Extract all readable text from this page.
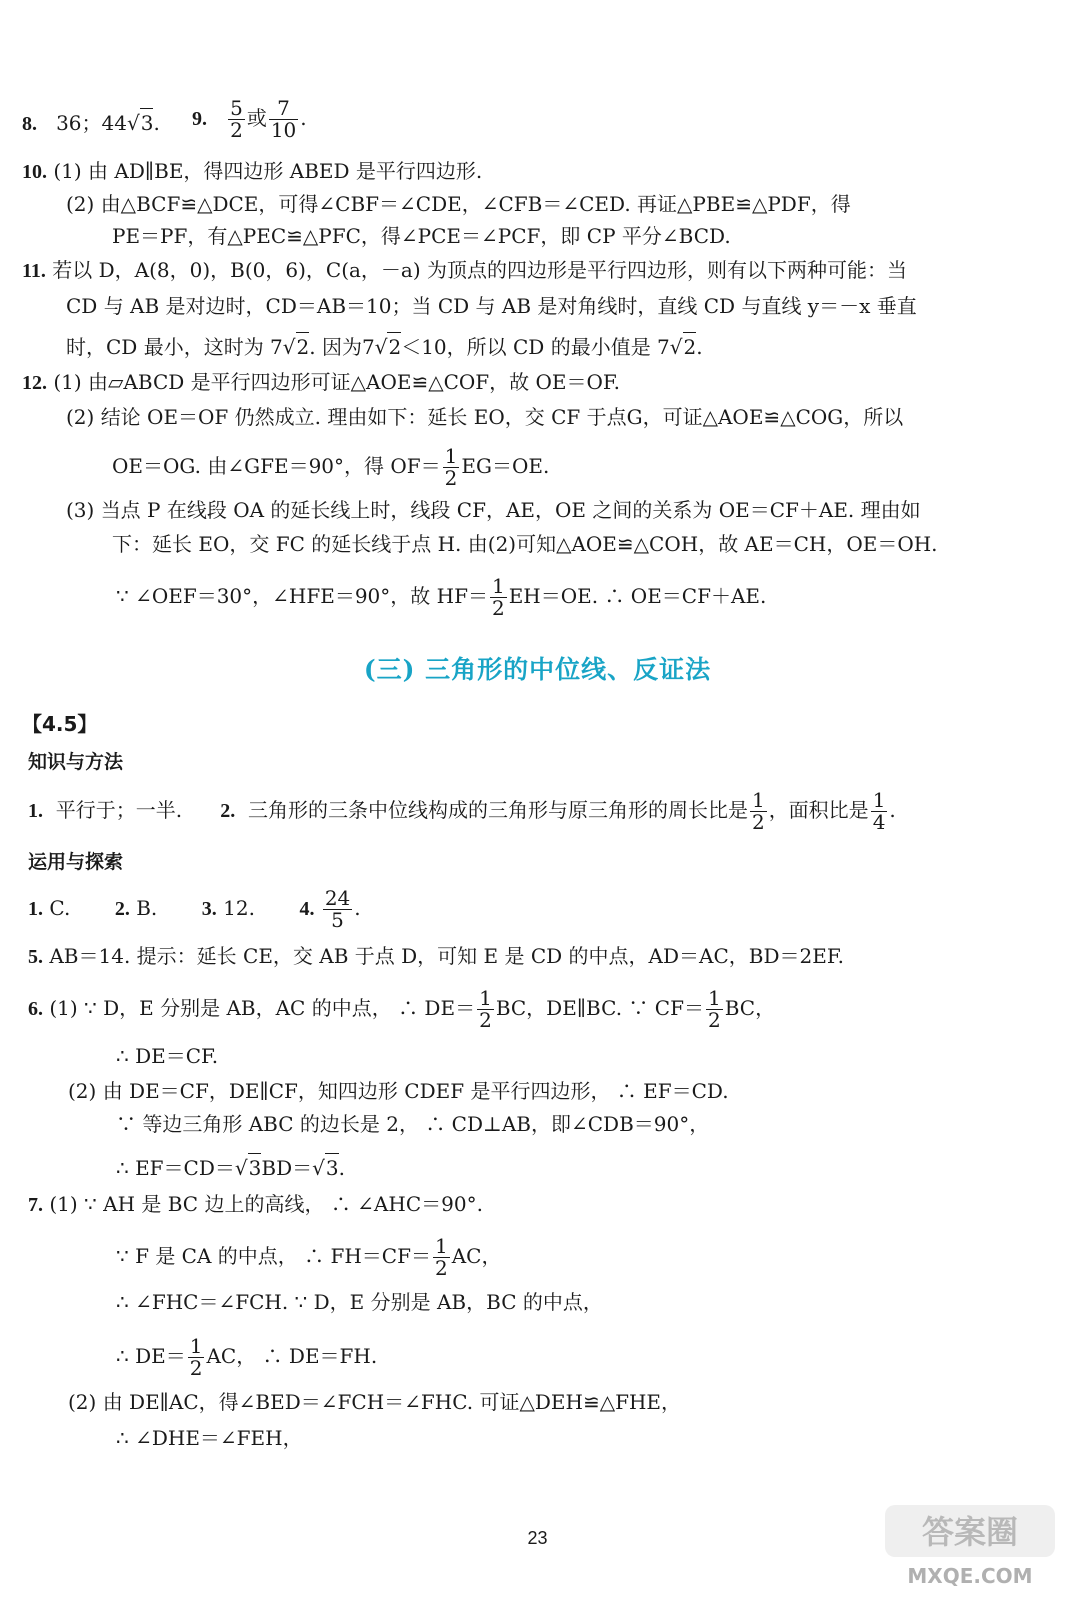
8. 36；44√3. 9. $\frac{5}{2}$ 或 $\frac{7}{10}$ .
10. (1) 由 AD∥BE，得四边形 ABED 是平行四边形.
(2) 由△BCF≌△DCE，可得∠CBF＝∠CDE，∠CFB＝∠CED. 再证△PBE≌△PDF，得
PE＝PF，有△PEC≌△PFC，得∠PCE＝∠PCF，即 CP 平分∠BCD.
11. 若以 D，A(8，0)，B(0，6)，C(a，－a) 为顶点的四边形是平行四边形，则有以下两种可能：当
CD 与 AB 是对边时，CD＝AB＝10；当 CD 与 AB 是对角线时，直线 CD 与直线 y＝－x 垂直
时，CD 最小，这时为 7√2. 因为7√2＜10，所以 CD 的最小值是 7√2.
12. (1) 由▱ABCD 是平行四边形可证△AOE≌△COF，故 OE＝OF.
(2) 结论 OE＝OF 仍然成立. 理由如下：延长 EO，交 CF 于点G，可证△AOE≌△COG，所以
OE＝OG. 由∠GFE＝90°，得 $OF= \frac{1}{2} EG=OE$.
(3) 当点 P 在线段 OA 的延长线上时，线段 CF，AE，OE 之间的关系为 OE＝CF＋AE. 理由如
下：延长 EO，交 FC 的延长线于点 H. 由(2)可知△AOE≌△COH，故 AE＝CH，OE＝OH.
∵ ∠OEF＝30°，∠HFE＝90°，故 $HF= \frac{1}{2} EH=OE$. ∴ OE＝CF＋AE.
(三) 三角形的中位线、反证法
【4.5】
知识与方法
1. 平行于；一半. 2. 三角形的三条中位线构成的三角形与原三角形的周长比是 $\frac{1}{2}$ ，面积比是 $\frac{1}{4}$ .
运用与探索
1. C. 2. B. 3. 12. 4. $\frac{24}{5}$ .
5. AB＝14. 提示：延长 CE，交 AB 于点 D，可知 E 是 CD 的中点，AD＝AC，BD＝2EF.
6. (1) ∵ D，E 分别是 AB，AC 的中点， ∴ $DE= \frac{1}{2}$ BC，DE∥BC. ∵ $CF= \frac{1}{2}$ BC，
∴ DE＝CF.
(2) 由 DE＝CF，DE∥CF，知四边形 CDEF 是平行四边形， ∴ EF＝CD.
∵ 等边三角形 ABC 的边长是 2， ∴ CD⊥AB，即∠CDB＝90°，
∴ EF＝CD＝√3BD＝√3.
7. (1) ∵ AH 是 BC 边上的高线， ∴ ∠AHC＝90°.
∵ F 是 CA 的中点， ∴ $FH=CF= \frac{1}{2}$ AC，
∴ ∠FHC＝∠FCH. ∵ D，E 分别是 AB，BC 的中点，
∴ $DE= \frac{1}{2}$ AC， ∴ DE＝FH.
(2) 由 DE∥AC，得∠BED＝∠FCH＝∠FHC. 可证△DEH≌△FHE，
∴ ∠DHE＝∠FEH，
23	答案圈
MXQE.COM
